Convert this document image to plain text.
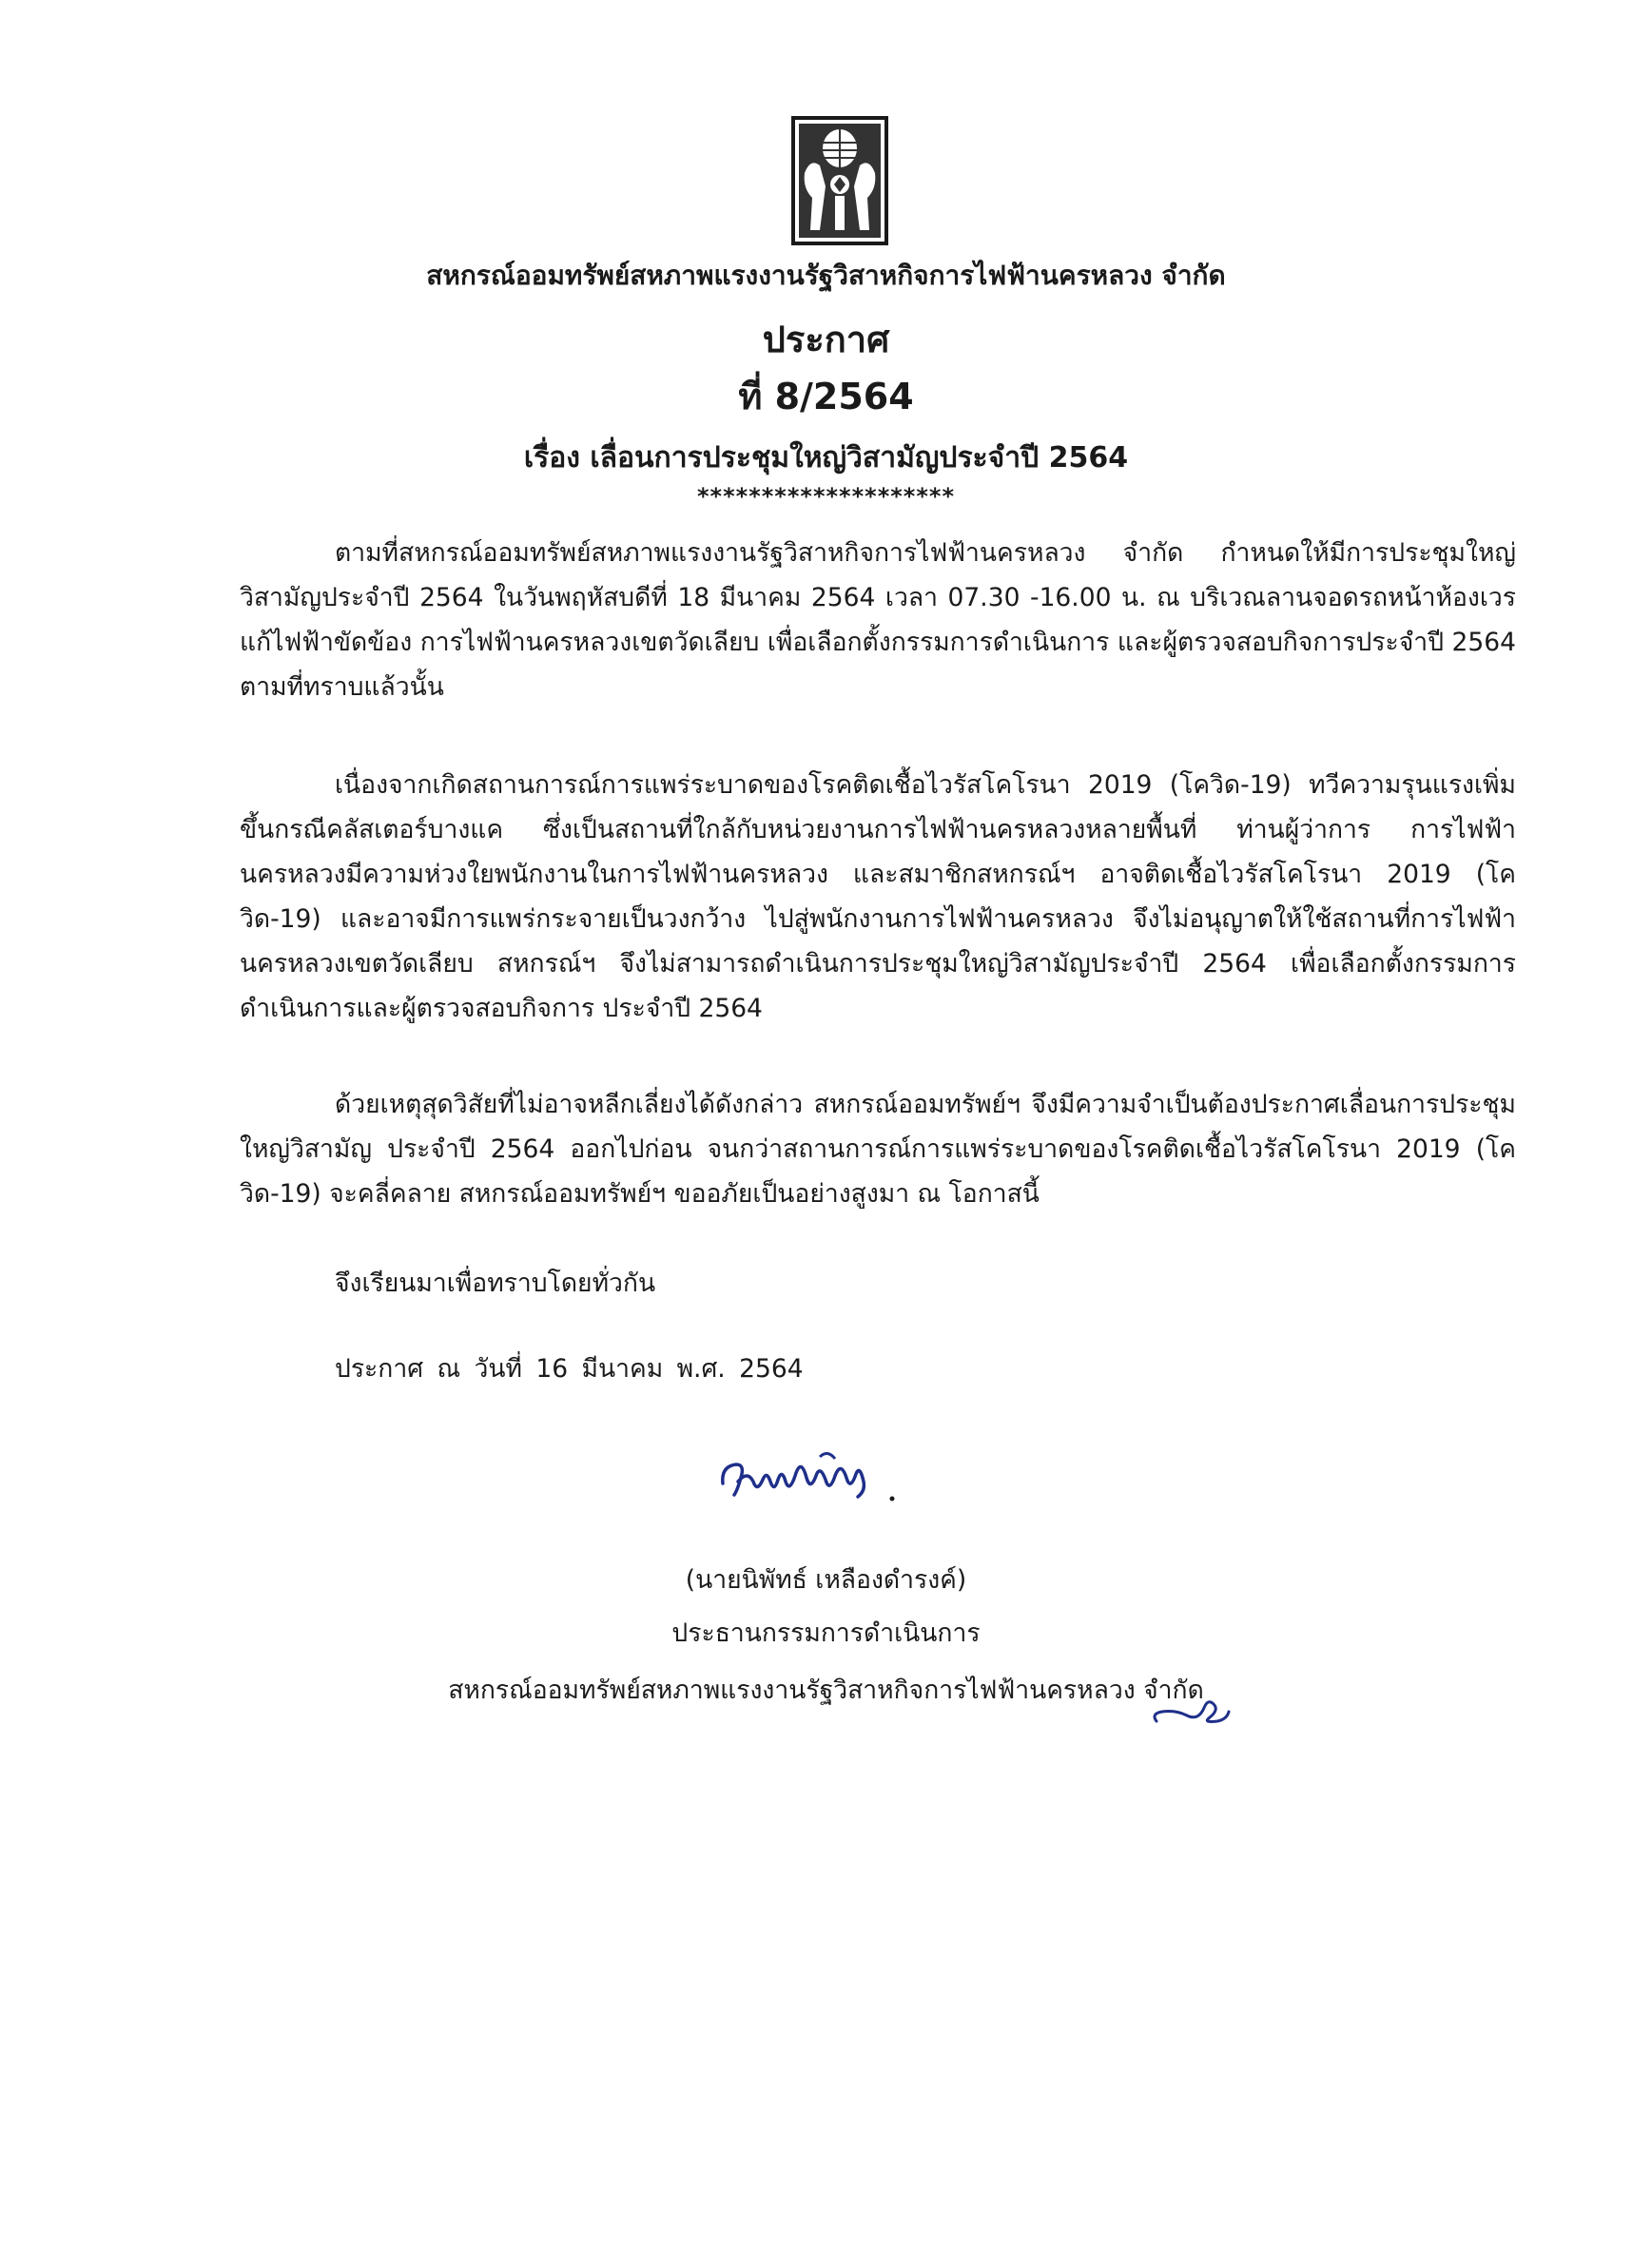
สหกรณ์ออมทรัพย์สหภาพแรงงานรัฐวิสาหกิจการไฟฟ้านครหลวง จำกัด
ประกาศ
ที่ 8/2564
เรื่อง เลื่อนการประชุมใหญ่วิสามัญประจำปี 2564
********************

ตามที่สหกรณ์ออมทรัพย์สหภาพแรงงานรัฐวิสาหกิจการไฟฟ้านครหลวง จำกัด กำหนดให้มีการประชุมใหญ่วิสามัญประจำปี 2564 ในวันพฤหัสบดีที่ 18 มีนาคม 2564 เวลา 07.30 -16.00 น. ณ บริเวณลานจอดรถหน้าห้องเวรแก้ไฟฟ้าขัดข้อง การไฟฟ้านครหลวงเขตวัดเลียบ เพื่อเลือกตั้งกรรมการดำเนินการ และผู้ตรวจสอบกิจการประจำปี 2564 ตามที่ทราบแล้วนั้น

เนื่องจากเกิดสถานการณ์การแพร่ระบาดของโรคติดเชื้อไวรัสโคโรนา 2019 (โควิด-19) ทวีความรุนแรงเพิ่มขึ้นกรณีคลัสเตอร์บางแค ซึ่งเป็นสถานที่ใกล้กับหน่วยงานการไฟฟ้านครหลวงหลายพื้นที่ ท่านผู้ว่าการ การไฟฟ้านครหลวงมีความห่วงใยพนักงานในการไฟฟ้านครหลวง และสมาชิกสหกรณ์ฯ อาจติดเชื้อไวรัสโคโรนา 2019 (โควิด-19) และอาจมีการแพร่กระจายเป็นวงกว้าง ไปสู่พนักงานการไฟฟ้านครหลวง จึงไม่อนุญาตให้ใช้สถานที่การไฟฟ้านครหลวงเขตวัดเลียบ สหกรณ์ฯ จึงไม่สามารถดำเนินการประชุมใหญ่วิสามัญประจำปี 2564 เพื่อเลือกตั้งกรรมการดำเนินการและผู้ตรวจสอบกิจการ ประจำปี 2564

ด้วยเหตุสุดวิสัยที่ไม่อาจหลีกเลี่ยงได้ดังกล่าว สหกรณ์ออมทรัพย์ฯ จึงมีความจำเป็นต้องประกาศเลื่อนการประชุมใหญ่วิสามัญ ประจำปี 2564 ออกไปก่อน จนกว่าสถานการณ์การแพร่ระบาดของโรคติดเชื้อไวรัสโคโรนา 2019 (โควิด-19) จะคลี่คลาย สหกรณ์ออมทรัพย์ฯ ขออภัยเป็นอย่างสูงมา ณ โอกาสนี้

จึงเรียนมาเพื่อทราบโดยทั่วกัน

ประกาศ ณ วันที่ 16 มีนาคม พ.ศ. 2564

(นายนิพัทธ์ เหลืองดำรงค์)
ประธานกรรมการดำเนินการ
สหกรณ์ออมทรัพย์สหภาพแรงงานรัฐวิสาหกิจการไฟฟ้านครหลวง จำกัด
